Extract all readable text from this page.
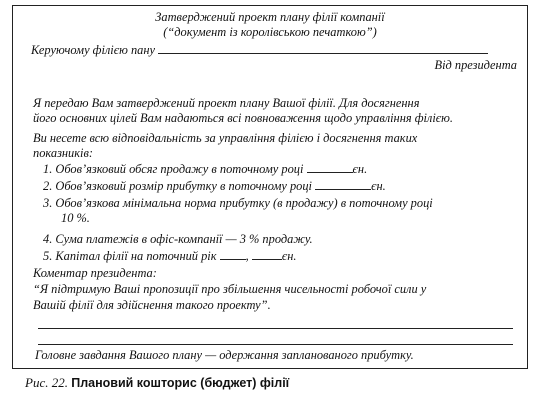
Затверджений проект плану філії компанії
(“документ із королівською печаткою”)
Керуючому філією пану
Від президента
Я передаю Вам затверджений проект плану Вашої філії. Для досягнення
його основних цілей Вам надаються всі повноваження щодо управління філією.
Ви несете всю відповідальність за управління філією і досягнення таких
показників:
1. Обов’язковий обсяг продажу в поточному році	єн.
2. Обов’язковий розмір прибутку в поточному році	єн.
3. Обов’язкова мінімальна норма прибутку (в продажу) в поточному році
10 %.
4. Сума платежів в офіс-компанії — 3 % продажу.
5. Капітал філії на поточний рік , єн.
Коментар президента:
“Я підтримую Ваші пропозиції про збільшення чисельності робочої сили у
Вашій філії для здійснення такого проекту”.
Головне завдання Вашого плану — одержання запланованого прибутку.
Рис. 22. Плановий кошторис (бюджет) філії
